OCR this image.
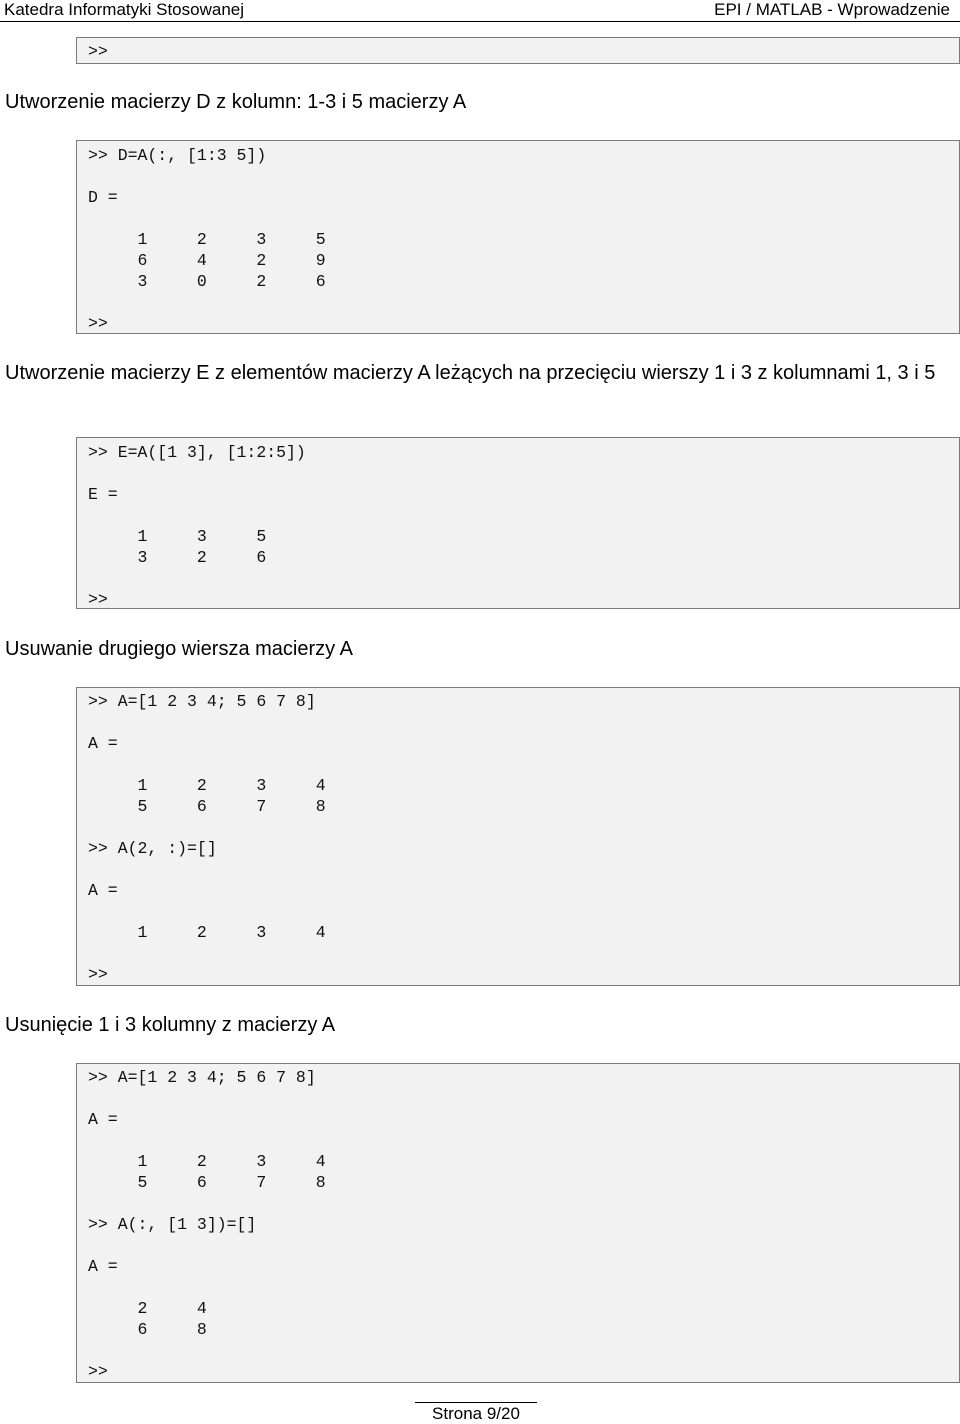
Katedra Informatyki Stosowanej	EPI / MATLAB - Wprowadzenie
>>
Utworzenie macierzy D z kolumn: 1-3 i 5 macierzy A
>> D=A(:, [1:3 5])

D =

1     2     3     5
6     4     2     9
3     0     2     6

>>
Utworzenie macierzy E z elementów macierzy A leżących na przecięciu wierszy 1 i 3 z kolumnami 1, 3 i 5
>> E=A([1 3], [1:2:5])

E =

1     3     5
3     2     6

>>
Usuwanie drugiego wiersza macierzy A
>> A=[1 2 3 4; 5 6 7 8]

A =

1     2     3     4
5     6     7     8

>> A(2, :)=[]

A =

1     2     3     4

>>
Usunięcie 1 i 3 kolumny z macierzy A
>> A=[1 2 3 4; 5 6 7 8]

A =

1     2     3     4
5     6     7     8

>> A(:, [1 3])=[]

A =

2     4
6     8

>>
Strona 9/20
